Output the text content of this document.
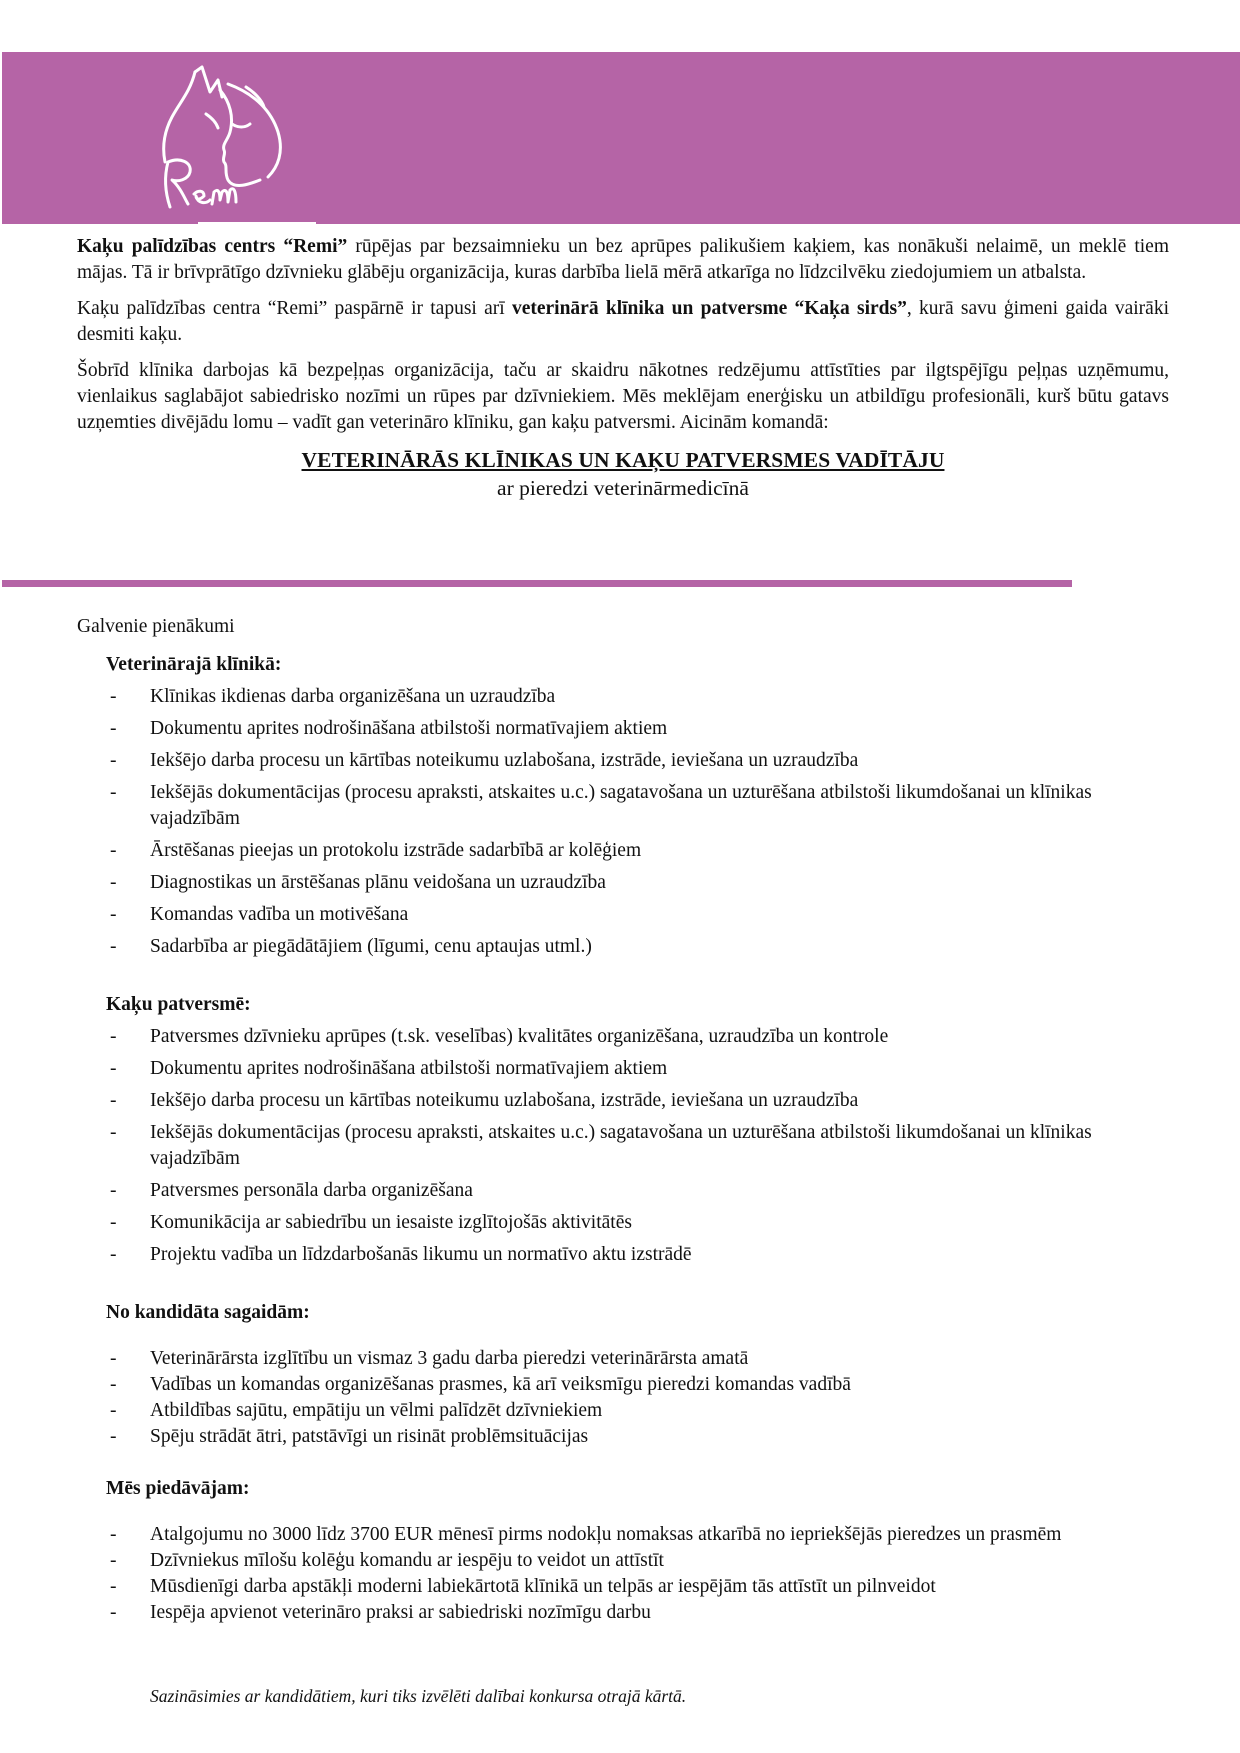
Kaķu palīdzības centrs “Remi” rūpējas par bezsaimnieku un bez aprūpes palikušiem kaķiem, kas nonākuši nelaimē, un meklē tiem mājas. Tā ir brīvprātīgo dzīvnieku glābēju organizācija, kuras darbība lielā mērā atkarīga no līdzcilvēku ziedojumiem un atbalsta.

Kaķu palīdzības centra “Remi” paspārnē ir tapusi arī veterinārā klīnika un patversme “Kaķa sirds”, kurā savu ģimeni gaida vairāki desmiti kaķu.

Šobrīd klīnika darbojas kā bezpeļņas organizācija, taču ar skaidru nākotnes redzējumu attīstīties par ilgtspējīgu peļņas uzņēmumu, vienlaikus saglabājot sabiedrisko nozīmi un rūpes par dzīvniekiem. Mēs meklējam enerģisku un atbildīgu profesionāli, kurš būtu gatavs uzņemties divējādu lomu – vadīt gan veterināro klīniku, gan kaķu patversmi. Aicinām komandā:

VETERINĀRĀS KLĪNIKAS UN KAĶU PATVERSMES VADĪTĀJU
ar pieredzi veterinārmedicīnā
Galvenie pienākumi
Veterinārajā klīnikā:
- Klīnikas ikdienas darba organizēšana un uzraudzība
- Dokumentu aprites nodrošināšana atbilstoši normatīvajiem aktiem
- Iekšējo darba procesu un kārtības noteikumu uzlabošana, izstrāde, ieviešana un uzraudzība
- Iekšējās dokumentācijas (procesu apraksti, atskaites u.c.) sagatavošana un uzturēšana atbilstoši likumdošanai un klīnikas vajadzībām
- Ārstēšanas pieejas un protokolu izstrāde sadarbībā ar kolēģiem
- Diagnostikas un ārstēšanas plānu veidošana un uzraudzība
- Komandas vadība un motivēšana
- Sadarbība ar piegādātājiem (līgumi, cenu aptaujas utml.)
Kaķu patversmē:
- Patversmes dzīvnieku aprūpes (t.sk. veselības) kvalitātes organizēšana, uzraudzība un kontrole
- Dokumentu aprites nodrošināšana atbilstoši normatīvajiem aktiem
- Iekšējo darba procesu un kārtības noteikumu uzlabošana, izstrāde, ieviešana un uzraudzība
- Iekšējās dokumentācijas (procesu apraksti, atskaites u.c.) sagatavošana un uzturēšana atbilstoši likumdošanai un klīnikas vajadzībām
- Patversmes personāla darba organizēšana
- Komunikācija ar sabiedrību un iesaiste izglītojošās aktivitātēs
- Projektu vadība un līdzdarbošanās likumu un normatīvo aktu izstrādē
No kandidāta sagaidām:
- Veterinārārsta izglītību un vismaz 3 gadu darba pieredzi veterinārārsta amatā
- Vadības un komandas organizēšanas prasmes, kā arī veiksmīgu pieredzi komandas vadībā
- Atbildības sajūtu, empātiju un vēlmi palīdzēt dzīvniekiem
- Spēju strādāt ātri, patstāvīgi un risināt problēmsituācijas
Mēs piedāvājam:
- Atalgojumu no 3000 līdz 3700 EUR mēnesī pirms nodokļu nomaksas atkarībā no iepriekšējās pieredzes un prasmēm
- Dzīvniekus mīlošu kolēģu komandu ar iespēju to veidot un attīstīt
- Mūsdienīgi darba apstākļi moderni labiekārtotā klīnikā un telpās ar iespējām tās attīstīt un pilnveidot
- Iespēja apvienot veterināro praksi ar sabiedriski nozīmīgu darbu
Sazināsimies ar kandidātiem, kuri tiks izvēlēti dalībai konkursa otrajā kārtā.
